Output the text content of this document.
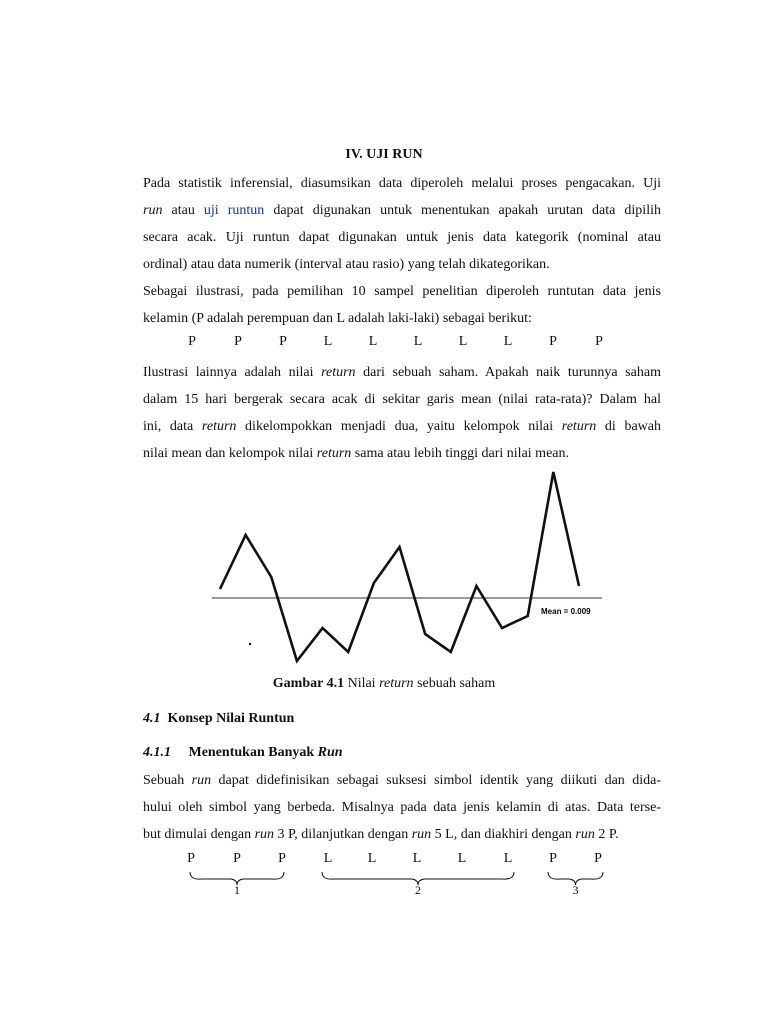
IV. UJI RUN
Pada statistik inferensial, diasumsikan data diperoleh melalui proses pengacakan. Uji
run atau uji runtun dapat digunakan untuk menentukan apakah urutan data dipilih
secara acak. Uji runtun dapat digunakan untuk jenis data kategorik (nominal atau
ordinal) atau data numerik (interval atau rasio) yang telah dikategorikan.
Sebagai ilustrasi, pada pemilihan 10 sampel penelitian diperoleh runtutan data jenis
kelamin (P adalah perempuan dan L adalah laki-laki) sebagai berikut:
P	P	P	L	L	L	L	L	P	P
Ilustrasi lainnya adalah nilai return dari sebuah saham. Apakah naik turunnya saham
dalam 15 hari bergerak secara acak di sekitar garis mean (nilai rata-rata)? Dalam hal
ini, data return dikelompokkan menjadi dua, yaitu kelompok nilai return di bawah
nilai mean dan kelompok nilai return sama atau lebih tinggi dari nilai mean.
Mean = 0.009
Gambar 4.1 Nilai return sebuah saham
4.1 Konsep Nilai Runtun
4.1.1 Menentukan Banyak Run
Sebuah run dapat didefinisikan sebagai suksesi simbol identik yang diikuti dan dida-
hului oleh simbol yang berbeda. Misalnya pada data jenis kelamin di atas. Data terse-
but dimulai dengan run 3 P, dilanjutkan dengan run 5 L, dan diakhiri dengan run 2 P.
P	P	P	L	L	L	L	L	P	P
1	2	3
